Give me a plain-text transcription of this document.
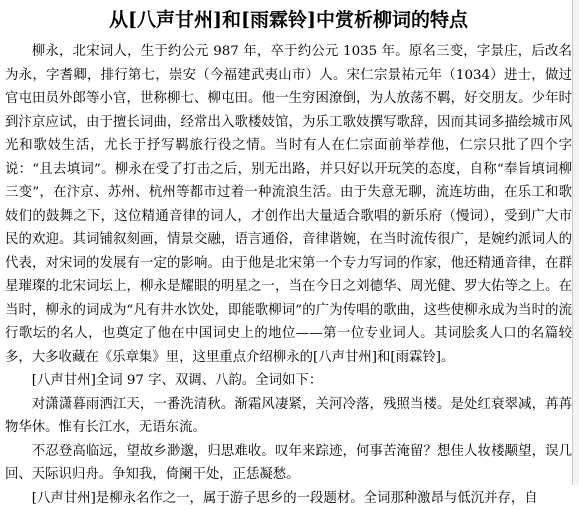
从[八声甘州]和[雨霖铃]中赏析柳词的特点

柳永，北宋词人，生于约公元 987 年，卒于约公元 1035 年。原名三变，字景庄，后改名为永，字耆卿，排行第七，崇安（今福建武夷山市）人。宋仁宗景祐元年（1034）进士，做过官屯田员外郎等小官，世称柳七、柳屯田。他一生穷困潦倒，为人放荡不羁，好交朋友。少年时到汴京应试，由于擅长词曲，经常出入歌楼妓馆，为乐工歌妓撰写歌辞，因而其词多描绘城市风光和歌妓生活，尤长于抒写羁旅行役之情。当时有人在仁宗面前举荐他，仁宗只批了四个字说：“且去填词”。柳永在受了打击之后，别无出路，并只好以开玩笑的态度，自称“奉旨填词柳三变”，在汴京、苏州、杭州等都市过着一种流浪生活。由于失意无聊，流连坊曲，在乐工和歌妓们的鼓舞之下，这位精通音律的词人，才创作出大量适合歌唱的新乐府（慢词），受到广大市民的欢迎。其词铺叙刻画，情景交融，语言通俗，音律谐婉，在当时流传很广，是婉约派词人的代表，对宋词的发展有一定的影响。由于他是北宋第一个专力写词的作家，他还精通音律，在群星璀璨的北宋词坛上，柳永是耀眼的明星之一，当在今日之刘德华、周光健、罗大佑等之上。在当时，柳永的词成为“凡有井水饮处，即能歌柳词”的广为传唱的歌曲，这些使柳永成为当时的流行歌坛的名人，也奠定了他在中国词史上的地位——第一位专业词人。其词脍炙人口的名篇较多，大多收藏在《乐章集》里，这里重点介绍柳永的[八声甘州]和[雨霖铃]。

[八声甘州]全词 97 字、双调、八韵。全词如下：

对潇潇暮雨洒江天，一番洗清秋。渐霜风凄紧，关河冷落，残照当楼。是处红衰翠减，苒苒物华休。惟有长江水，无语东流。

不忍登高临远，望故乡渺邈，归思难收。叹年来踪迹，何事苦淹留？想佳人妆楼颙望，误几回、天际识归舟。争知我，倚阑干处，正恁凝愁。

[八声甘州]是柳永名作之一，属于游子思乡的一段题材。全词那种激昂与低沉并存，自
